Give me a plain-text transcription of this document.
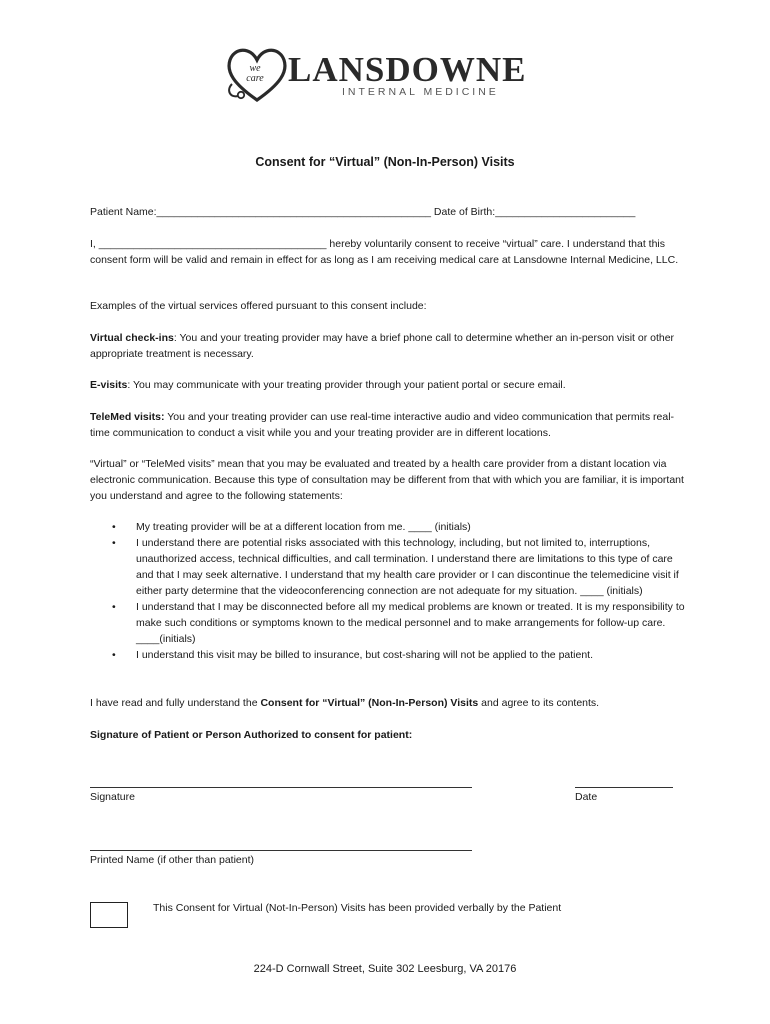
we
care LANSDOWNE
INTERNAL MEDICINE
Consent for “Virtual” (Non-In-Person) Visits

Patient Name:_______________________________________________ Date of Birth:________________________

I, _______________________________________ hereby voluntarily consent to receive “virtual” care. I understand that this consent form will be valid and remain in effect for as long as I am receiving medical care at Lansdowne Internal Medicine, LLC.

Examples of the virtual services offered pursuant to this consent include:

Virtual check-ins: You and your treating provider may have a brief phone call to determine whether an in-person visit or other appropriate treatment is necessary.

E-visits: You may communicate with your treating provider through your patient portal or secure email.

TeleMed visits: You and your treating provider can use real-time interactive audio and video communication that permits real-time communication to conduct a visit while you and your treating provider are in different locations.

“Virtual” or “TeleMed visits” mean that you may be evaluated and treated by a health care provider from a distant location via electronic communication. Because this type of consultation may be different from that with which you are familiar, it is important you understand and agree to the following statements:

• My treating provider will be at a different location from me. ____ (initials)
• I understand there are potential risks associated with this technology, including, but not limited to, interruptions, unauthorized access, technical difficulties, and call termination. I understand there are limitations to this type of care and that I may seek alternative. I understand that my health care provider or I can discontinue the telemedicine visit if either party determine that the videoconferencing connection are not adequate for my situation. ____ (initials)
• I understand that I may be disconnected before all my medical problems are known or treated. It is my responsibility to make such conditions or symptoms known to the medical personnel and to make arrangements for follow-up care. ____(initials)
• I understand this visit may be billed to insurance, but cost-sharing will not be applied to the patient.

I have read and fully understand the Consent for “Virtual” (Non-In-Person) Visits and agree to its contents.

Signature of Patient or Person Authorized to consent for patient:

Signature	Date
Printed Name (if other than patient)
This Consent for Virtual (Not-In-Person) Visits has been provided verbally by the Patient
224-D Cornwall Street, Suite 302 Leesburg, VA 20176
